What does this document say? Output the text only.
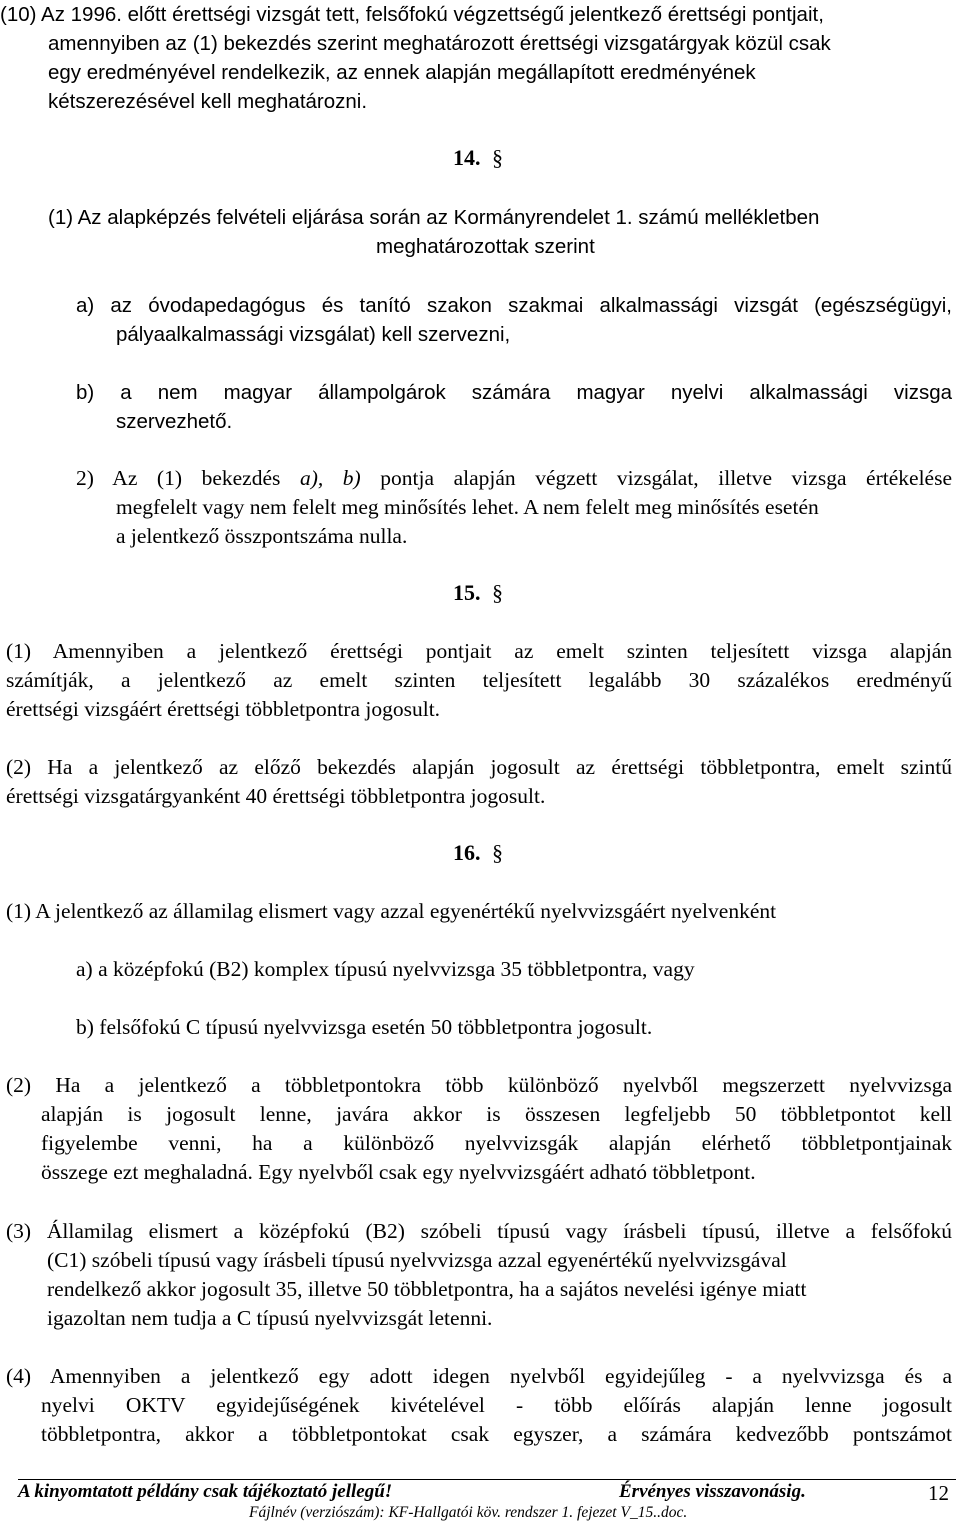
(10) Az 1996. előtt érettségi vizsgát tett, felsőfokú végzettségű jelentkező érettségi pontjait,
amennyiben az (1) bekezdés szerint meghatározott érettségi vizsgatárgyak közül csak
egy eredményével rendelkezik, az ennek alapján megállapított eredményének
kétszerezésével kell meghatározni.
14. §
(1) Az alapképzés felvételi eljárása során az Kormányrendelet 1. számú mellékletben
meghatározottak szerint
a) az óvodapedagógus és tanító szakon szakmai alkalmassági vizsgát (egészségügyi,
pályaalkalmassági vizsgálat) kell szervezni,
b) a nem magyar állampolgárok számára magyar nyelvi alkalmassági vizsga
szervezhető.
2) Az (1) bekezdés a), b) pontja alapján végzett vizsgálat, illetve vizsga értékelése
megfelelt vagy nem felelt meg minősítés lehet. A nem felelt meg minősítés esetén
a jelentkező összpontszáma nulla.
15. §
(1) Amennyiben a jelentkező érettségi pontjait az emelt szinten teljesített vizsga alapján
számítják, a jelentkező az emelt szinten teljesített legalább 30 százalékos eredményű
érettségi vizsgáért érettségi többletpontra jogosult.
(2) Ha a jelentkező az előző bekezdés alapján jogosult az érettségi többletpontra, emelt szintű
érettségi vizsgatárgyanként 40 érettségi többletpontra jogosult.
16. §
(1) A jelentkező az államilag elismert vagy azzal egyenértékű nyelvvizsgáért nyelvenként
a) a középfokú (B2) komplex típusú nyelvvizsga 35 többletpontra, vagy
b) felsőfokú C típusú nyelvvizsga esetén 50 többletpontra jogosult.
(2) Ha a jelentkező a többletpontokra több különböző nyelvből megszerzett nyelvvizsga
alapján is jogosult lenne, javára akkor is összesen legfeljebb 50 többletpontot kell
figyelembe venni, ha a különböző nyelvvizsgák alapján elérhető többletpontjainak
összege ezt meghaladná. Egy nyelvből csak egy nyelvvizsgáért adható többletpont.
(3) Államilag elismert a középfokú (B2) szóbeli típusú vagy írásbeli típusú, illetve a felsőfokú
(C1) szóbeli típusú vagy írásbeli típusú nyelvvizsga azzal egyenértékű nyelvvizsgával
rendelkező akkor jogosult 35, illetve 50 többletpontra, ha a sajátos nevelési igénye miatt
igazoltan nem tudja a C típusú nyelvvizsgát letenni.
(4) Amennyiben a jelentkező egy adott idegen nyelvből egyidejűleg - a nyelvvizsga és a
nyelvi OKTV egyidejűségének kivételével - több előírás alapján lenne jogosult
többletpontra, akkor a többletpontokat csak egyszer, a számára kedvezőbb pontszámot
A kinyomtatott példány csak tájékoztató jellegű!	Érvényes visszavonásig.	12
Fájlnév (verziószám): KF-Hallgatói köv. rendszer 1. fejezet V_15..doc.
